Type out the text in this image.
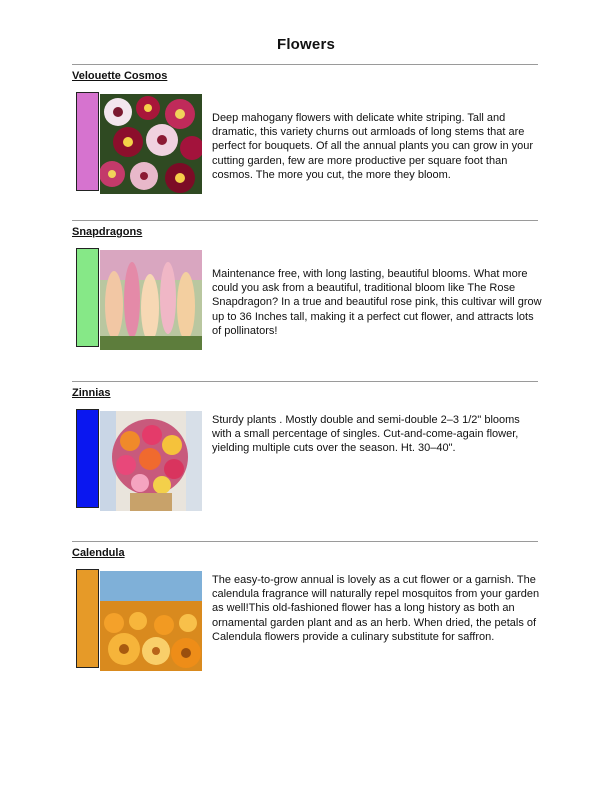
Flowers
Velouette Cosmos
Deep mahogany flowers with delicate white striping. Tall and dramatic, this variety churns out armloads of long stems that are perfect for bouquets. Of all the annual plants you can grow in your cutting garden, few are more productive per square foot than cosmos. The more you cut, the more they bloom.
Snapdragons
Maintenance free, with long lasting, beautiful blooms. What more could you ask from a beautiful, traditional bloom like The Rose Snapdragon? In a true and beautiful rose pink, this cultivar will grow up to 36 Inches tall, making it a perfect cut flower, and attracts lots of pollinators!
Zinnias
Sturdy plants . Mostly double and semi-double 2–3 1/2" blooms with a small percentage of singles. Cut-and-come-again flower, yielding multiple cuts over the season. Ht. 30–40".
Calendula
The easy-to-grow annual is lovely as a cut flower or a garnish. The calendula fragrance will naturally repel mosquitos from your garden as well!This old-fashioned flower has a long history as both an ornamental garden plant and as an herb. When dried, the petals of Calendula flowers provide a culinary substitute for saffron.
